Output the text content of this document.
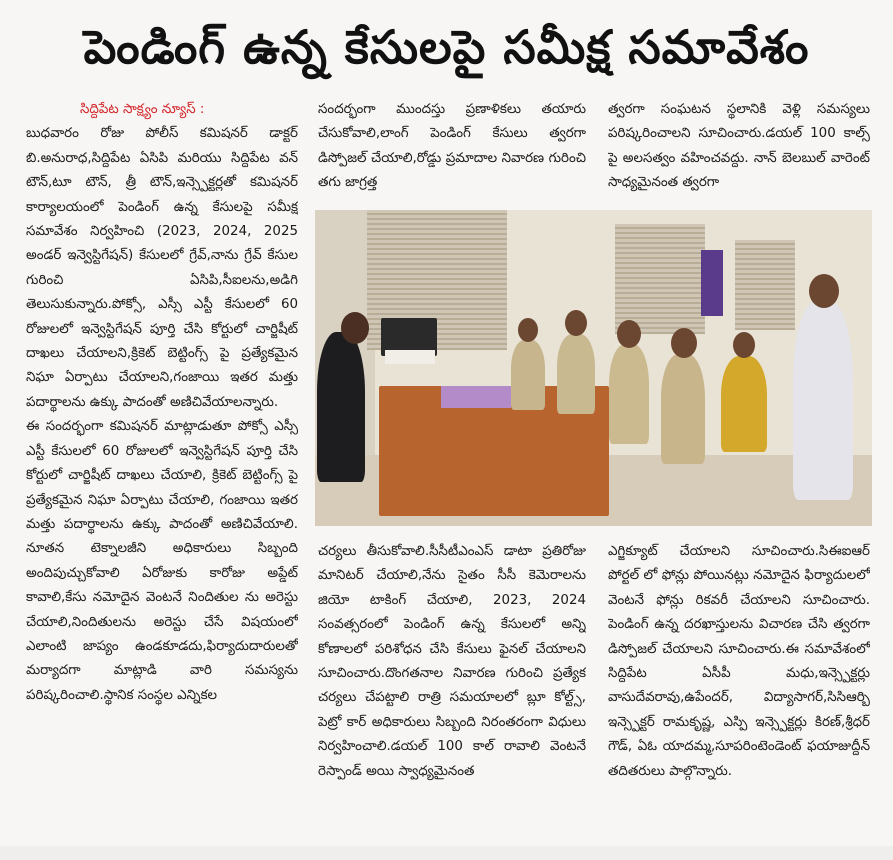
పెండింగ్ ఉన్న కేసులపై సమీక్ష సమావేశం

సిద్దిపేట సాక్ష్యం న్యూస్ :

బుధవారం రోజు పోలీస్ కమిషనర్ డాక్టర్ బి.అనురాధ,సిద్దిపేట ఏసిపి మరియు సిద్దిపేట వన్ టౌన్,టూ టౌన్, త్రీ టౌన్,ఇన్స్పెక్టర్లతో కమిషనర్ కార్యాలయంలో పెండింగ్ ఉన్న కేసులపై సమీక్ష సమావేశం నిర్వహించి (2023, 2024, 2025 అండర్ ఇన్వెస్టిగేషన్) కేసులలో గ్రేవ్,నాను గ్రేవ్ కేసుల గురించి ఏసిపి,సీఐలను,అడిగి తెలుసుకున్నారు.పోక్సో, ఎస్సీ ఎస్టీ కేసులలో 60 రోజులలో ఇన్వెస్టిగేషన్ పూర్తి చేసి కోర్టులో చార్జిషీట్ దాఖలు చేయాలని,క్రికెట్ బెట్టింగ్స్ పై ప్రత్యేకమైన నిఘా ఏర్పాటు చేయాలని,గంజాయి ఇతర మత్తు పదార్థాలను ఉక్కు పాదంతో అణిచివేయాలన్నారు.

ఈ సందర్భంగా కమిషనర్ మాట్లాడుతూ పోక్సో ఎస్సీ ఎస్టీ కేసులలో 60 రోజులలో ఇన్వెస్టిగేషన్ పూర్తి చేసి కోర్టులో చార్జిషీట్ దాఖలు చేయాలి, క్రికెట్ బెట్టింగ్స్ పై ప్రత్యేకమైన నిఘా ఏర్పాటు చేయాలి, గంజాయి ఇతర మత్తు పదార్థాలను ఉక్కు పాదంతో అణిచివేయాలి. నూతన టెక్నాలజీని అధికారులు సిబ్బంది అందిపుచ్చుకోవాలి ఏరోజుకు కారోజు అప్డేట్ కావాలి,కేసు నమోదైన వెంటనే నిందితుల ను అరెస్టు చేయాలి,నిందితులను అరెస్టు చేసే విషయంలో ఎలాంటి జాప్యం ఉండకూడదు,ఫిర్యాదుదారులతో మర్యాదగా మాట్లాడి వారి సమస్యను పరిష్కరించాలి.స్థానిక సంస్థల ఎన్నికల

సందర్భంగా ముందస్తు ప్రణాళికలు తయారు చేసుకోవాలి,లాంగ్ పెండింగ్ కేసులు త్వరగా డిస్పోజల్ చేయాలి,రోడ్డు ప్రమాదాల నివారణ గురించి తగు జాగ్రత్త

త్వరగా సంఘటన స్థలానికి వెళ్లి సమస్యలు పరిష్కరించాలని సూచించారు.డయల్ 100 కాల్స్ పై అలసత్వం వహించవద్దు. నాన్ బెలబుల్ వారెంట్ సాధ్యమైనంత త్వరగా

చర్యలు తీసుకోవాలి.సీసీటీఎంఎస్ డాటా ప్రతిరోజు మానిటర్ చేయాలి,నేను సైతం సీసీ కెమెరాలను జియో టాకింగ్ చేయాలి, 2023, 2024 సంవత్సరంలో పెండింగ్ ఉన్న కేసులలో అన్ని కోణాలలో పరిశోధన చేసి కేసులు ఫైనల్ చేయాలని సూచించారు.దొంగతనాల నివారణ గురించి ప్రత్యేక చర్యలు చేపట్టాలి రాత్రి సమయాలలో బ్లూ కోల్ట్స్, పెట్రో కార్ అధికారులు సిబ్బంది నిరంతరంగా విధులు నిర్వహించాలి.డయల్ 100 కాల్ రావాలి వెంటనే రెస్పాండ్ అయి స్వాధ్యమైనంత

ఎగ్జిక్యూట్ చేయాలని సూచించారు.సిఈఐఆర్ పోర్టల్ లో ఫోన్లు పోయినట్లు నమోదైన ఫిర్యాదులలో వెంటనే ఫోన్లు రికవరీ చేయాలని సూచించారు. పెండింగ్ ఉన్న దరఖాస్తులను విచారణ చేసి త్వరగా డిస్పోజల్ చేయాలని సూచించారు.ఈ సమావేశంలో సిద్దిపేట ఏసీపీ మధు,ఇన్స్పెక్టర్లు వాసుదేవరావు,ఉపేందర్, విద్యాసాగర్,సిసిఆర్బి ఇన్స్పెక్టర్ రామకృష్ణ, ఎస్పి ఇన్స్పెక్టర్లు కిరణ్,శ్రీధర్ గౌడ్, ఏఓ యాదమ్మ,సూపరింటెండెంట్ ఫయాజుద్దీన్ తదితరులు పాల్గొన్నారు.
